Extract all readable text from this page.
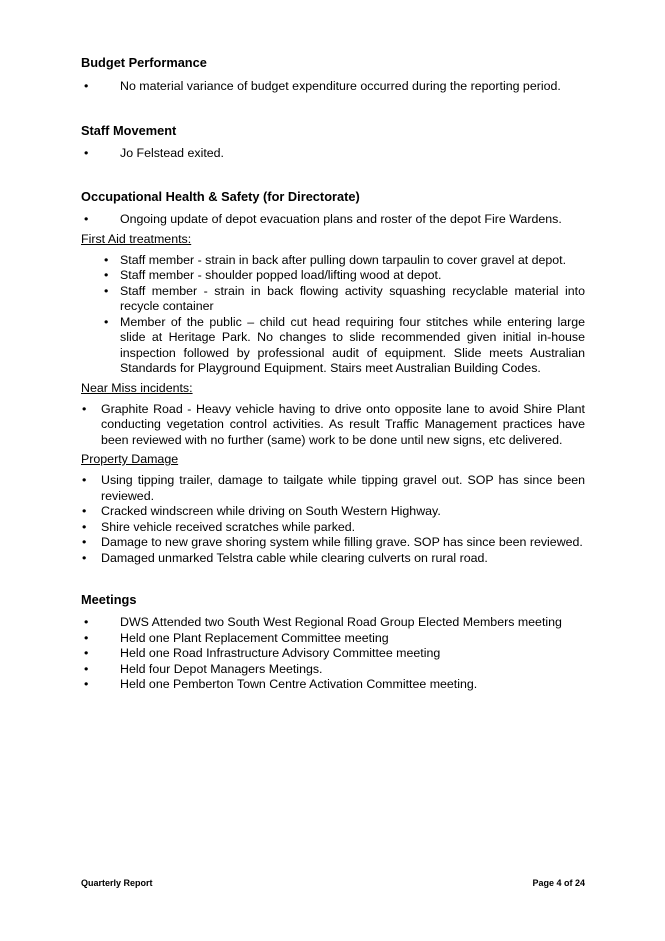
Budget Performance
• No material variance of budget expenditure occurred during the reporting period.
Staff Movement
• Jo Felstead exited.
Occupational Health & Safety (for Directorate)
• Ongoing update of depot evacuation plans and roster of the depot Fire Wardens.

First Aid treatments:

• Staff member - strain in back after pulling down tarpaulin to cover gravel at depot.
• Staff member - shoulder popped load/lifting wood at depot.
• Staff member - strain in back flowing activity squashing recyclable material into recycle container
• Member of the public – child cut head requiring four stitches while entering large slide at Heritage Park. No changes to slide recommended given initial in-house inspection followed by professional audit of equipment. Slide meets Australian Standards for Playground Equipment. Stairs meet Australian Building Codes.

Near Miss incidents:

• Graphite Road - Heavy vehicle having to drive onto opposite lane to avoid Shire Plant conducting vegetation control activities. As result Traffic Management practices have been reviewed with no further (same) work to be done until new signs, etc delivered.

Property Damage

• Using tipping trailer, damage to tailgate while tipping gravel out. SOP has since been reviewed.
• Cracked windscreen while driving on South Western Highway.
• Shire vehicle received scratches while parked.
• Damage to new grave shoring system while filling grave. SOP has since been reviewed.
• Damaged unmarked Telstra cable while clearing culverts on rural road.
Meetings
• DWS Attended two South West Regional Road Group Elected Members meeting
• Held one Plant Replacement Committee meeting
• Held one Road Infrastructure Advisory Committee meeting
• Held four Depot Managers Meetings.
• Held one Pemberton Town Centre Activation Committee meeting.
Quarterly Report	Page 4 of 24
